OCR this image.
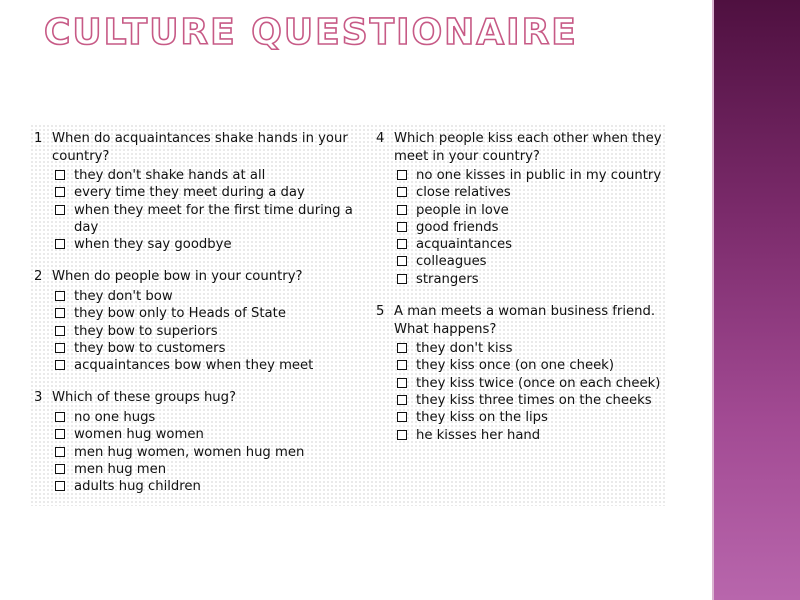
CULTURE QUESTIONAIRE
1 When do acquaintances shake hands in your country?
they don't shake hands at all
every time they meet during a day
when they meet for the first time during a day
when they say goodbye
2 When do people bow in your country?
they don't bow
they bow only to Heads of State
they bow to superiors
they bow to customers
acquaintances bow when they meet
3 Which of these groups hug?
no one hugs
women hug women
men hug women, women hug men
men hug men
adults hug children
4 Which people kiss each other when they meet in your country?
no one kisses in public in my country
close relatives
people in love
good friends
acquaintances
colleagues
strangers
5 A man meets a woman business friend. What happens?
they don't kiss
they kiss once (on one cheek)
they kiss twice (once on each cheek)
they kiss three times on the cheeks
they kiss on the lips
he kisses her hand
